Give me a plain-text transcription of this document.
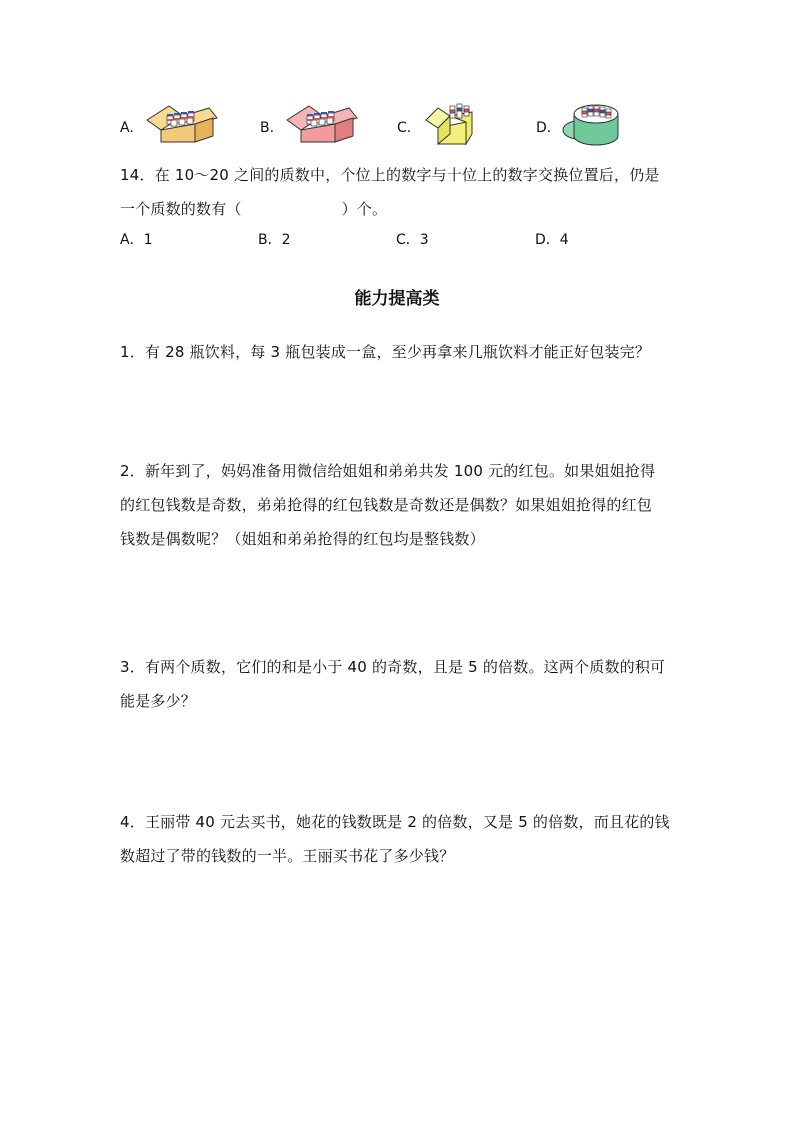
A.	B.	C.	D.
14．在 10～20 之间的质数中，个位上的数字与十位上的数字交换位置后，仍是
一个质数的数有（	）个。
A．1	B．2	C．3	D．4
能力提高类
1．有 28 瓶饮料，每 3 瓶包装成一盒，至少再拿来几瓶饮料才能正好包装完？
2．新年到了，妈妈准备用微信给姐姐和弟弟共发 100 元的红包。如果姐姐抢得
的红包钱数是奇数，弟弟抢得的红包钱数是奇数还是偶数？如果姐姐抢得的红包
钱数是偶数呢？（姐姐和弟弟抢得的红包均是整钱数）
3．有两个质数，它们的和是小于 40 的奇数，且是 5 的倍数。这两个质数的积可
能是多少？
4．王丽带 40 元去买书，她花的钱数既是 2 的倍数，又是 5 的倍数，而且花的钱
数超过了带的钱数的一半。王丽买书花了多少钱？
